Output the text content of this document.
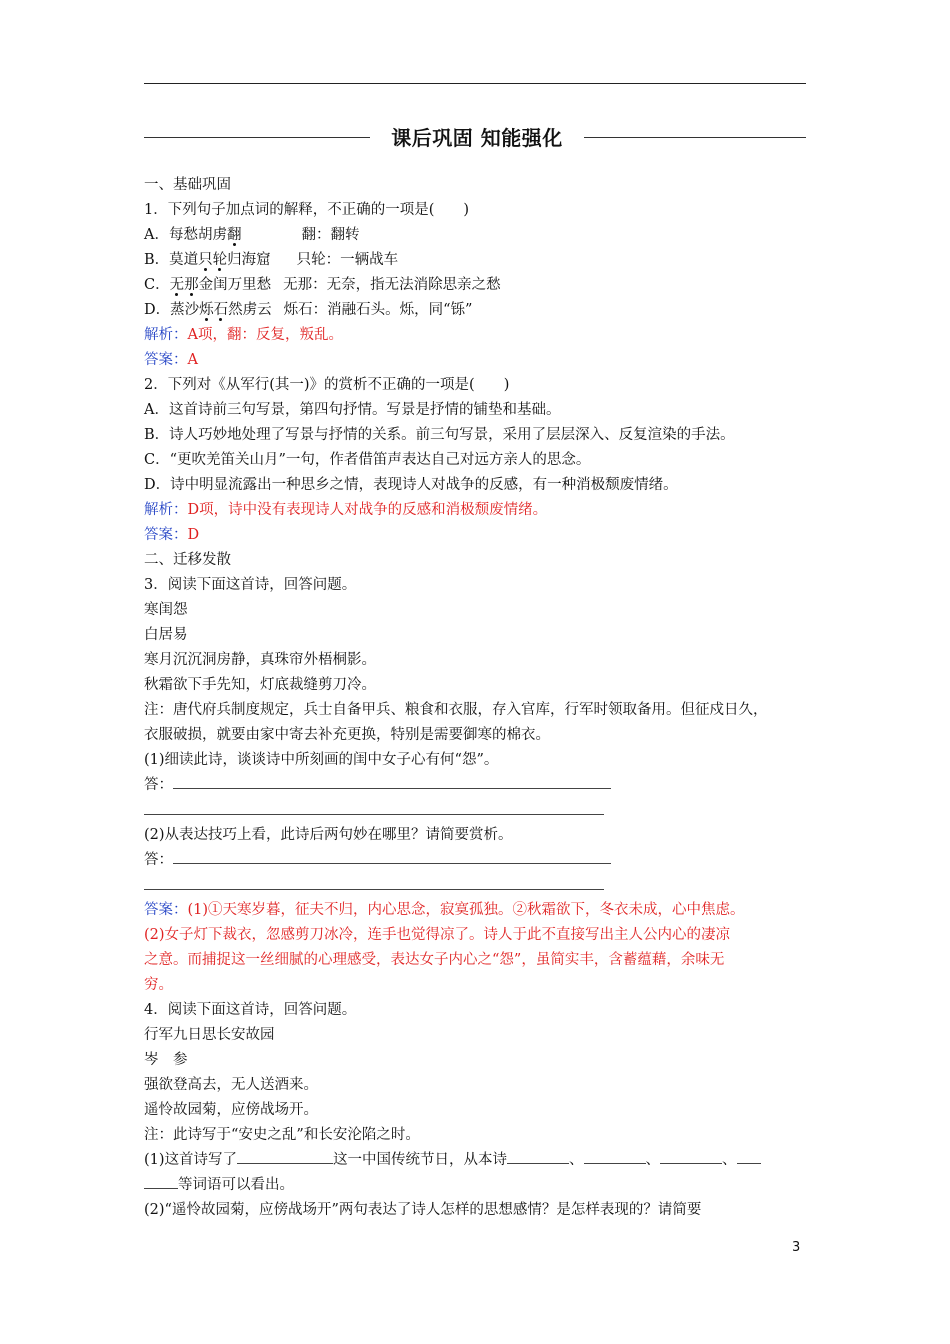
课后巩固 知能强化
一、基础巩固
1．下列句子加点词的解释，不正确的一项是(　　)
A．每愁胡虏翻	翻：翻转
B．莫道只轮归海窟 只轮：一辆战车
C．无那金闺万里愁 无那：无奈，指无法消除思亲之愁
D．蒸沙烁石然虏云 烁石：消融石头。烁，同“铄”
解析：A项，翻：反复，叛乱。
答案：A
2．下列对《从军行(其一)》的赏析不正确的一项是(　　)
A．这首诗前三句写景，第四句抒情。写景是抒情的铺垫和基础。
B．诗人巧妙地处理了写景与抒情的关系。前三句写景，采用了层层深入、反复渲染的手法。
C．“更吹羌笛关山月”一句，作者借笛声表达自己对远方亲人的思念。
D．诗中明显流露出一种思乡之情，表现诗人对战争的反感，有一种消极颓废情绪。
解析：D项，诗中没有表现诗人对战争的反感和消极颓废情绪。
答案：D
二、迁移发散
3．阅读下面这首诗，回答问题。
寒闺怨
白居易
寒月沉沉洞房静，真珠帘外梧桐影。
秋霜欲下手先知，灯底裁缝剪刀冷。
注：唐代府兵制度规定，兵士自备甲兵、粮食和衣服，存入官库，行军时领取备用。但征戍日久，
衣服破损，就要由家中寄去补充更换，特别是需要御寒的棉衣。
(1)细读此诗，谈谈诗中所刻画的闺中女子心有何“怨”。
答：
(2)从表达技巧上看，此诗后两句妙在哪里？请简要赏析。
答：
答案：(1)①天寒岁暮，征夫不归，内心思念，寂寞孤独。②秋霜欲下，冬衣未成，心中焦虑。
(2)女子灯下裁衣，忽感剪刀冰冷，连手也觉得凉了。诗人于此不直接写出主人公内心的凄凉
之意。而捕捉这一丝细腻的心理感受，表达女子内心之“怨”，虽简实丰，含蓄蕴藉，余味无
穷。
4．阅读下面这首诗，回答问题。
行军九日思长安故园
岑　参
强欲登高去，无人送酒来。
遥怜故园菊，应傍战场开。
注：此诗写于“安史之乱”和长安沦陷之时。
(1)这首诗写了	这一中国传统节日，从本诗	、	、	、
等词语可以看出。
(2)“遥怜故园菊，应傍战场开”两句表达了诗人怎样的思想感情？是怎样表现的？请简要
3
